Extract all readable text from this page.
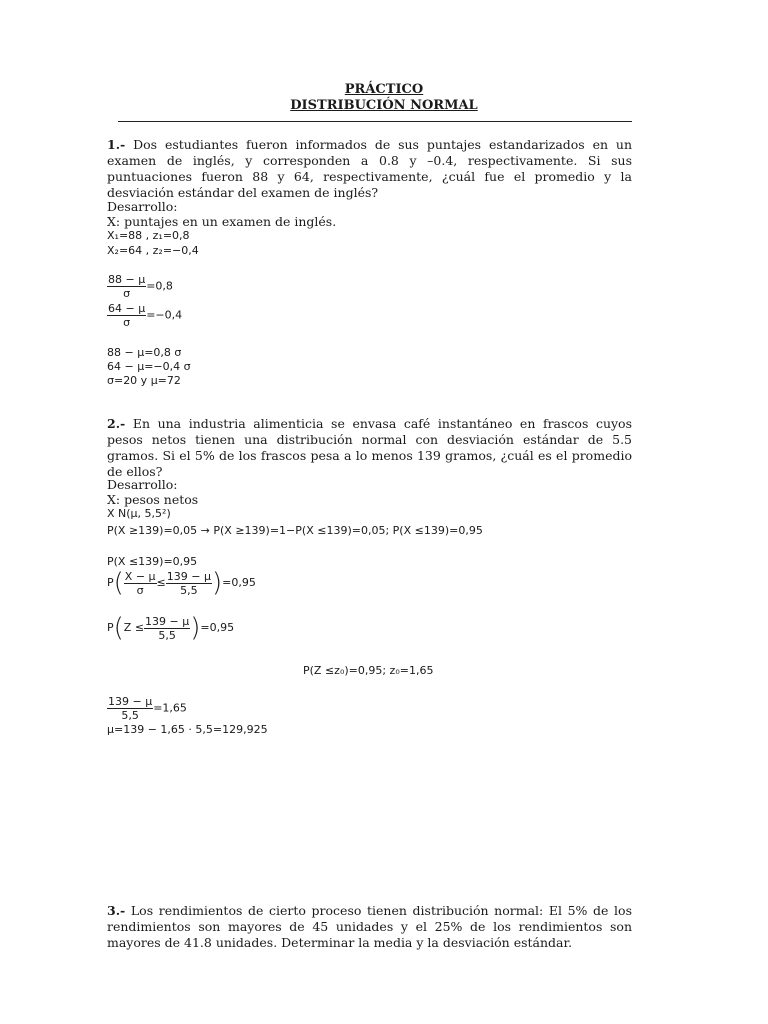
PRÁCTICO
DISTRIBUCIÓN NORMAL
1.- Dos estudiantes fueron informados de sus puntajes estandarizados en un examen de inglés, y corresponden a 0.8 y –0.4, respectivamente. Si sus puntuaciones fueron 88 y 64, respectivamente, ¿cuál fue el promedio y la desviación estándar del examen de inglés?
Desarrollo:
X: puntajes en un examen de inglés.
X₁=88 , z₁=0,8
X₂=64 , z₂=−0,4
$\frac{88 - \mu}{\sigma} =0,8$
$\frac{64 - \mu}{\sigma} =-0,4$
88 − μ=0,8 σ
64 − μ=−0,4 σ
σ=20 y μ=72
2.- En una industria alimenticia se envasa café instantáneo en frascos cuyos pesos netos tienen una distribución normal con desviación estándar de 5.5 gramos. Si el 5% de los frascos pesa a lo menos 139 gramos, ¿cuál es el promedio de ellos?
Desarrollo:
X: pesos netos
X N(μ, 5,5²)
P(X ≥139)=0,05 → P(X ≥139)=1−P(X ≤139)=0,05; P(X ≤139)=0,95
P(X ≤139)=0,95
$P( \frac{X - \mu}{\sigma} \le \frac{139 - \mu}{5,5} )=0,95$
$P(Z \le \frac{139 - \mu}{5,5} )=0,95$
P(Z ≤z₀)=0,95; z₀=1,65
$\frac{139 - \mu}{5,5} =1,65$
μ=139 − 1,65 · 5,5=129,925
3.- Los rendimientos de cierto proceso tienen distribución normal: El 5% de los rendimientos son mayores de 45 unidades y el 25% de los rendimientos son mayores de 41.8 unidades. Determinar la media y la desviación estándar.
